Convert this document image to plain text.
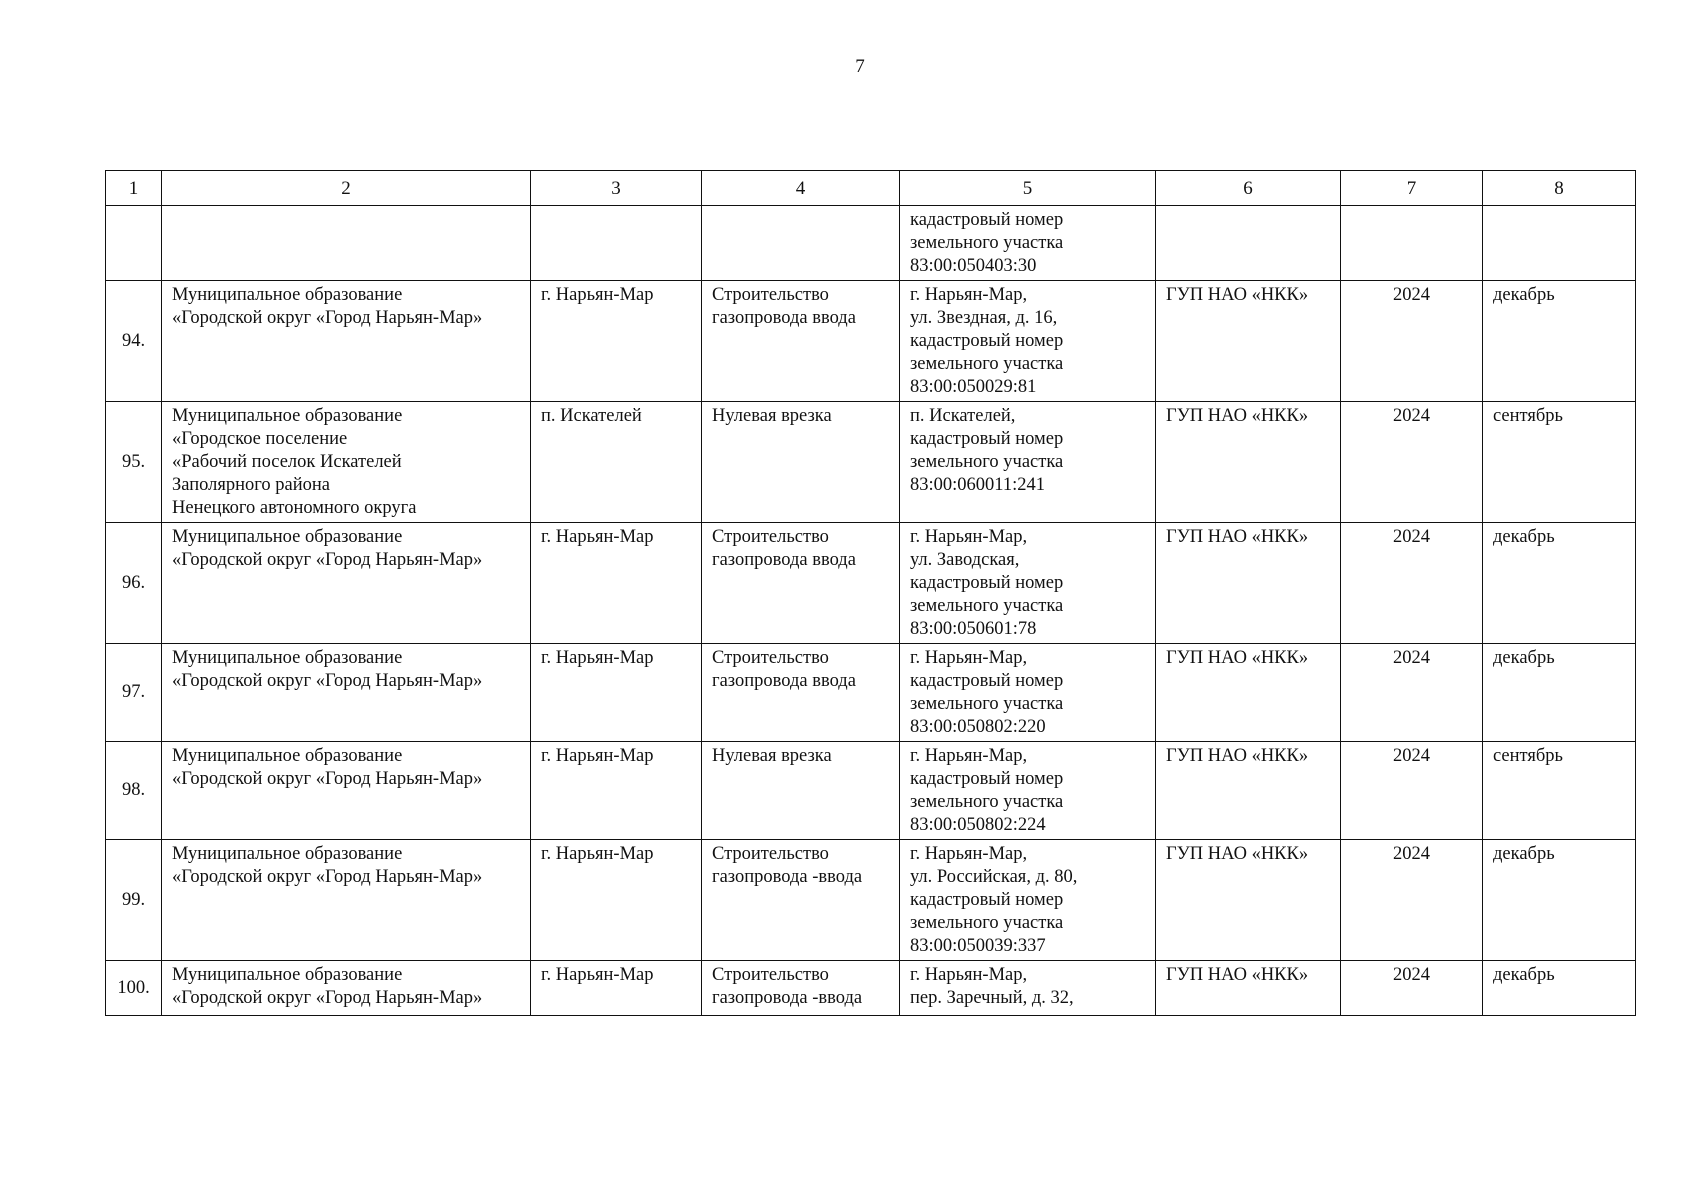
7
1	2	3	4	5	6	7	8

				кадастровый номер
земельного участка
83:00:050403:30			

94.	Муниципальное образование
«Городской округ «Город Нарьян-Мар»	г. Нарьян-Мар	Строительство
газопровода ввода	г. Нарьян-Мар,
ул. Звездная, д. 16,
кадастровый номер
земельного участка
83:00:050029:81	ГУП НАО «НКК»	2024	декабрь
95.	Муниципальное образование
«Городское поселение
«Рабочий поселок Искателей
Заполярного района
Ненецкого автономного округа	п. Искателей	Нулевая врезка	п. Искателей,
кадастровый номер
земельного участка
83:00:060011:241	ГУП НАО «НКК»	2024	сентябрь
96.	Муниципальное образование
«Городской округ «Город Нарьян-Мар»	г. Нарьян-Мар	Строительство
газопровода ввода	г. Нарьян-Мар,
ул. Заводская,
кадастровый номер
земельного участка
83:00:050601:78	ГУП НАО «НКК»	2024	декабрь
97.	Муниципальное образование
«Городской округ «Город Нарьян-Мар»	г. Нарьян-Мар	Строительство
газопровода ввода	г. Нарьян-Мар,
кадастровый номер
земельного участка
83:00:050802:220	ГУП НАО «НКК»	2024	декабрь
98.	Муниципальное образование
«Городской округ «Город Нарьян-Мар»	г. Нарьян-Мар	Нулевая врезка	г. Нарьян-Мар,
кадастровый номер
земельного участка
83:00:050802:224	ГУП НАО «НКК»	2024	сентябрь
99.	Муниципальное образование
«Городской округ «Город Нарьян-Мар»	г. Нарьян-Мар	Строительство
газопровода -ввода	г. Нарьян-Мар,
ул. Российская, д. 80,
кадастровый номер
земельного участка
83:00:050039:337	ГУП НАО «НКК»	2024	декабрь
100.	Муниципальное образование
«Городской округ «Город Нарьян-Мар»	г. Нарьян-Мар	Строительство
газопровода -ввода	г. Нарьян-Мар,
пер. Заречный, д. 32,	ГУП НАО «НКК»	2024	декабрь
